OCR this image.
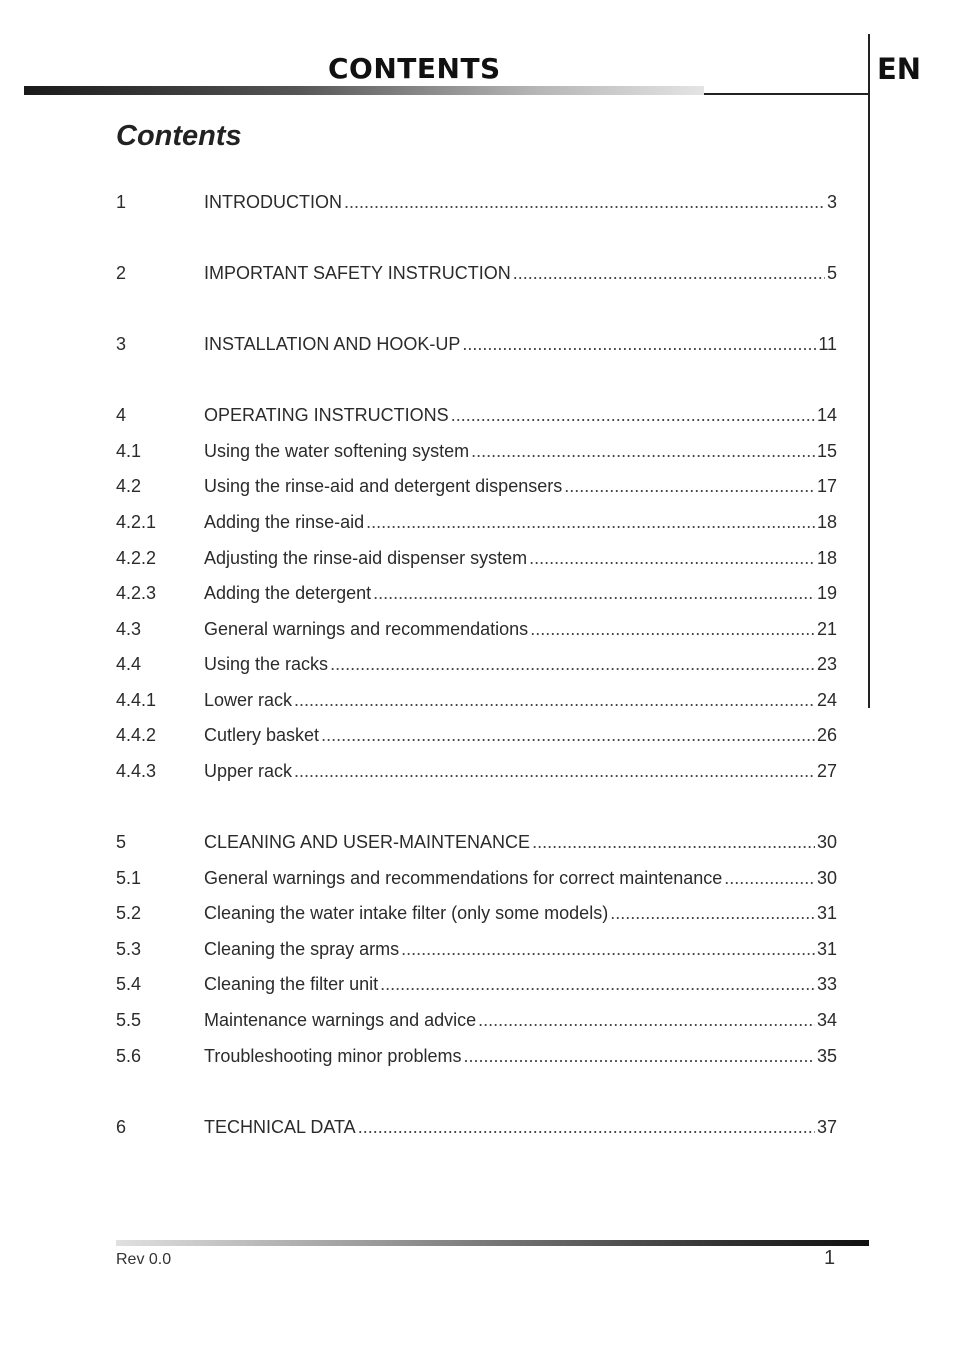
CONTENTS	EN
Contents
1	INTRODUCTION .....	3
2	IMPORTANT SAFETY INSTRUCTION .....	5
3	INSTALLATION AND HOOK-UP .....	11
4	OPERATING INSTRUCTIONS .....	14
4.1	Using the water softening system .....	15
4.2	Using the rinse-aid and detergent dispensers .....	17
4.2.1	Adding the rinse-aid .....	18
4.2.2	Adjusting the rinse-aid dispenser system .....	18
4.2.3	Adding the detergent .....	19
4.3	General warnings and recommendations .....	21
4.4	Using the racks .....	23
4.4.1	Lower rack .....	24
4.4.2	Cutlery basket .....	26
4.4.3	Upper rack .....	27
5	CLEANING AND USER-MAINTENANCE .....	30
5.1	General warnings and recommendations for correct maintenance .....	30
5.2	Cleaning the water intake filter (only some models) .....	31
5.3	Cleaning the spray arms .....	31
5.4	Cleaning the filter unit .....	33
5.5	Maintenance warnings and advice .....	34
5.6	Troubleshooting minor problems .....	35
6	TECHNICAL DATA .....	37
Rev 0.0	1
